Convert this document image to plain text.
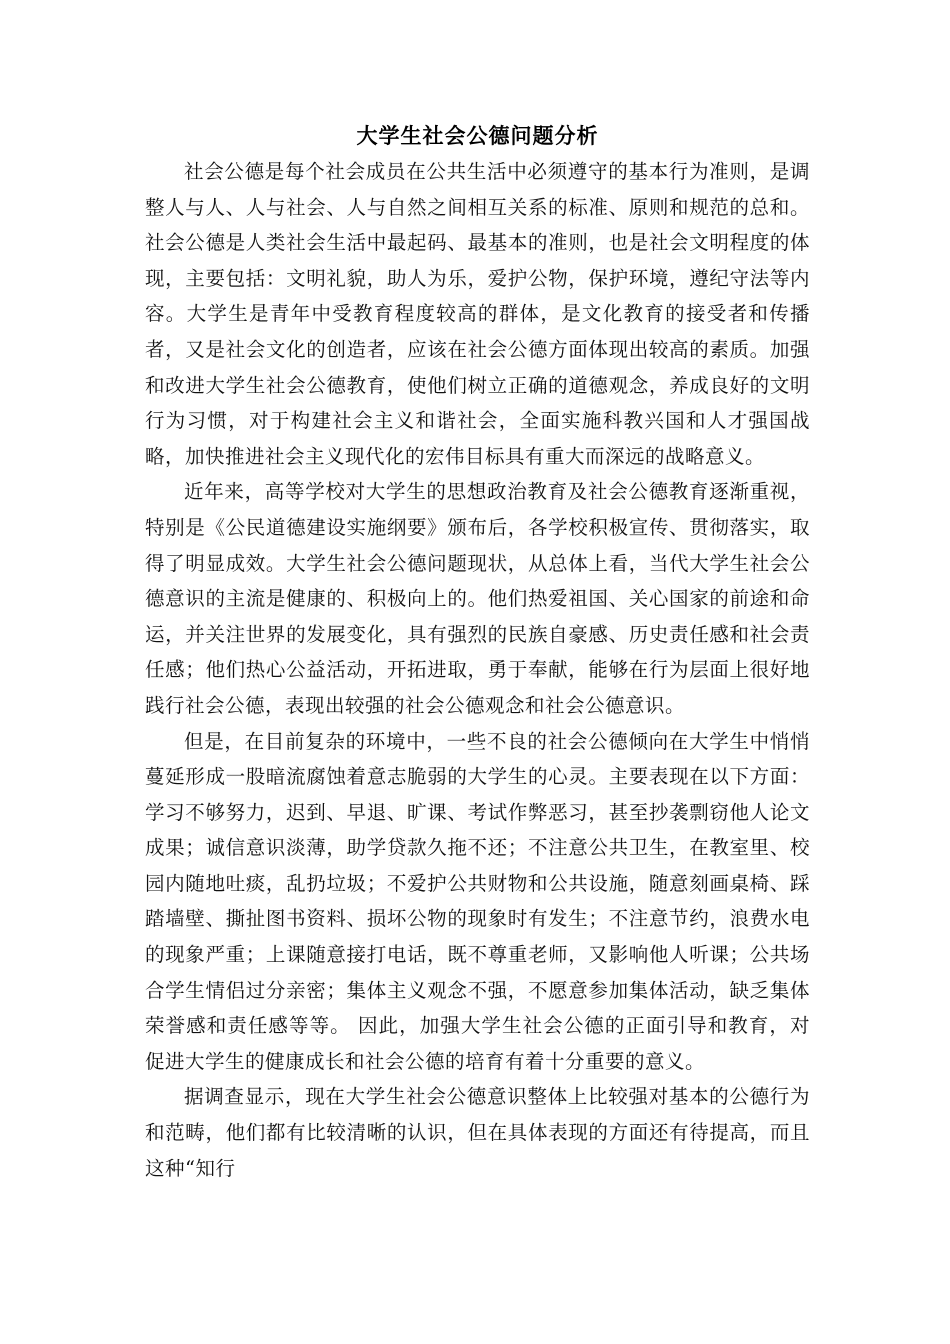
大学生社会公德问题分析

社会公德是每个社会成员在公共生活中必须遵守的基本行为准则，是调整人与人、人与社会、人与自然之间相互关系的标准、原则和规范的总和。社会公德是人类社会生活中最起码、最基本的准则，也是社会文明程度的体现，主要包括：文明礼貌，助人为乐，爱护公物，保护环境，遵纪守法等内容。大学生是青年中受教育程度较高的群体，是文化教育的接受者和传播者，又是社会文化的创造者，应该在社会公德方面体现出较高的素质。加强和改进大学生社会公德教育，使他们树立正确的道德观念，养成良好的文明行为习惯，对于构建社会主义和谐社会，全面实施科教兴国和人才强国战略，加快推进社会主义现代化的宏伟目标具有重大而深远的战略意义。

近年来，高等学校对大学生的思想政治教育及社会公德教育逐渐重视，特别是《公民道德建设实施纲要》颁布后，各学校积极宣传、贯彻落实，取得了明显成效。大学生社会公德问题现状，从总体上看，当代大学生社会公德意识的主流是健康的、积极向上的。他们热爱祖国、关心国家的前途和命运，并关注世界的发展变化，具有强烈的民族自豪感、历史责任感和社会责任感；他们热心公益活动，开拓进取，勇于奉献，能够在行为层面上很好地践行社会公德，表现出较强的社会公德观念和社会公德意识。

但是，在目前复杂的环境中，一些不良的社会公德倾向在大学生中悄悄蔓延形成一股暗流腐蚀着意志脆弱的大学生的心灵。主要表现在以下方面：学习不够努力，迟到、早退、旷课、考试作弊恶习，甚至抄袭剽窃他人论文成果；诚信意识淡薄，助学贷款久拖不还；不注意公共卫生，在教室里、校园内随地吐痰，乱扔垃圾；不爱护公共财物和公共设施，随意刻画桌椅、踩踏墙壁、撕扯图书资料、损坏公物的现象时有发生；不注意节约，浪费水电的现象严重；上课随意接打电话，既不尊重老师，又影响他人听课；公共场合学生情侣过分亲密；集体主义观念不强，不愿意参加集体活动，缺乏集体荣誉感和责任感等等。 因此，加强大学生社会公德的正面引导和教育，对促进大学生的健康成长和社会公德的培育有着十分重要的意义。

据调查显示，现在大学生社会公德意识整体上比较强对基本的公德行为和范畴，他们都有比较清晰的认识，但在具体表现的方面还有待提高，而且这种“知行
